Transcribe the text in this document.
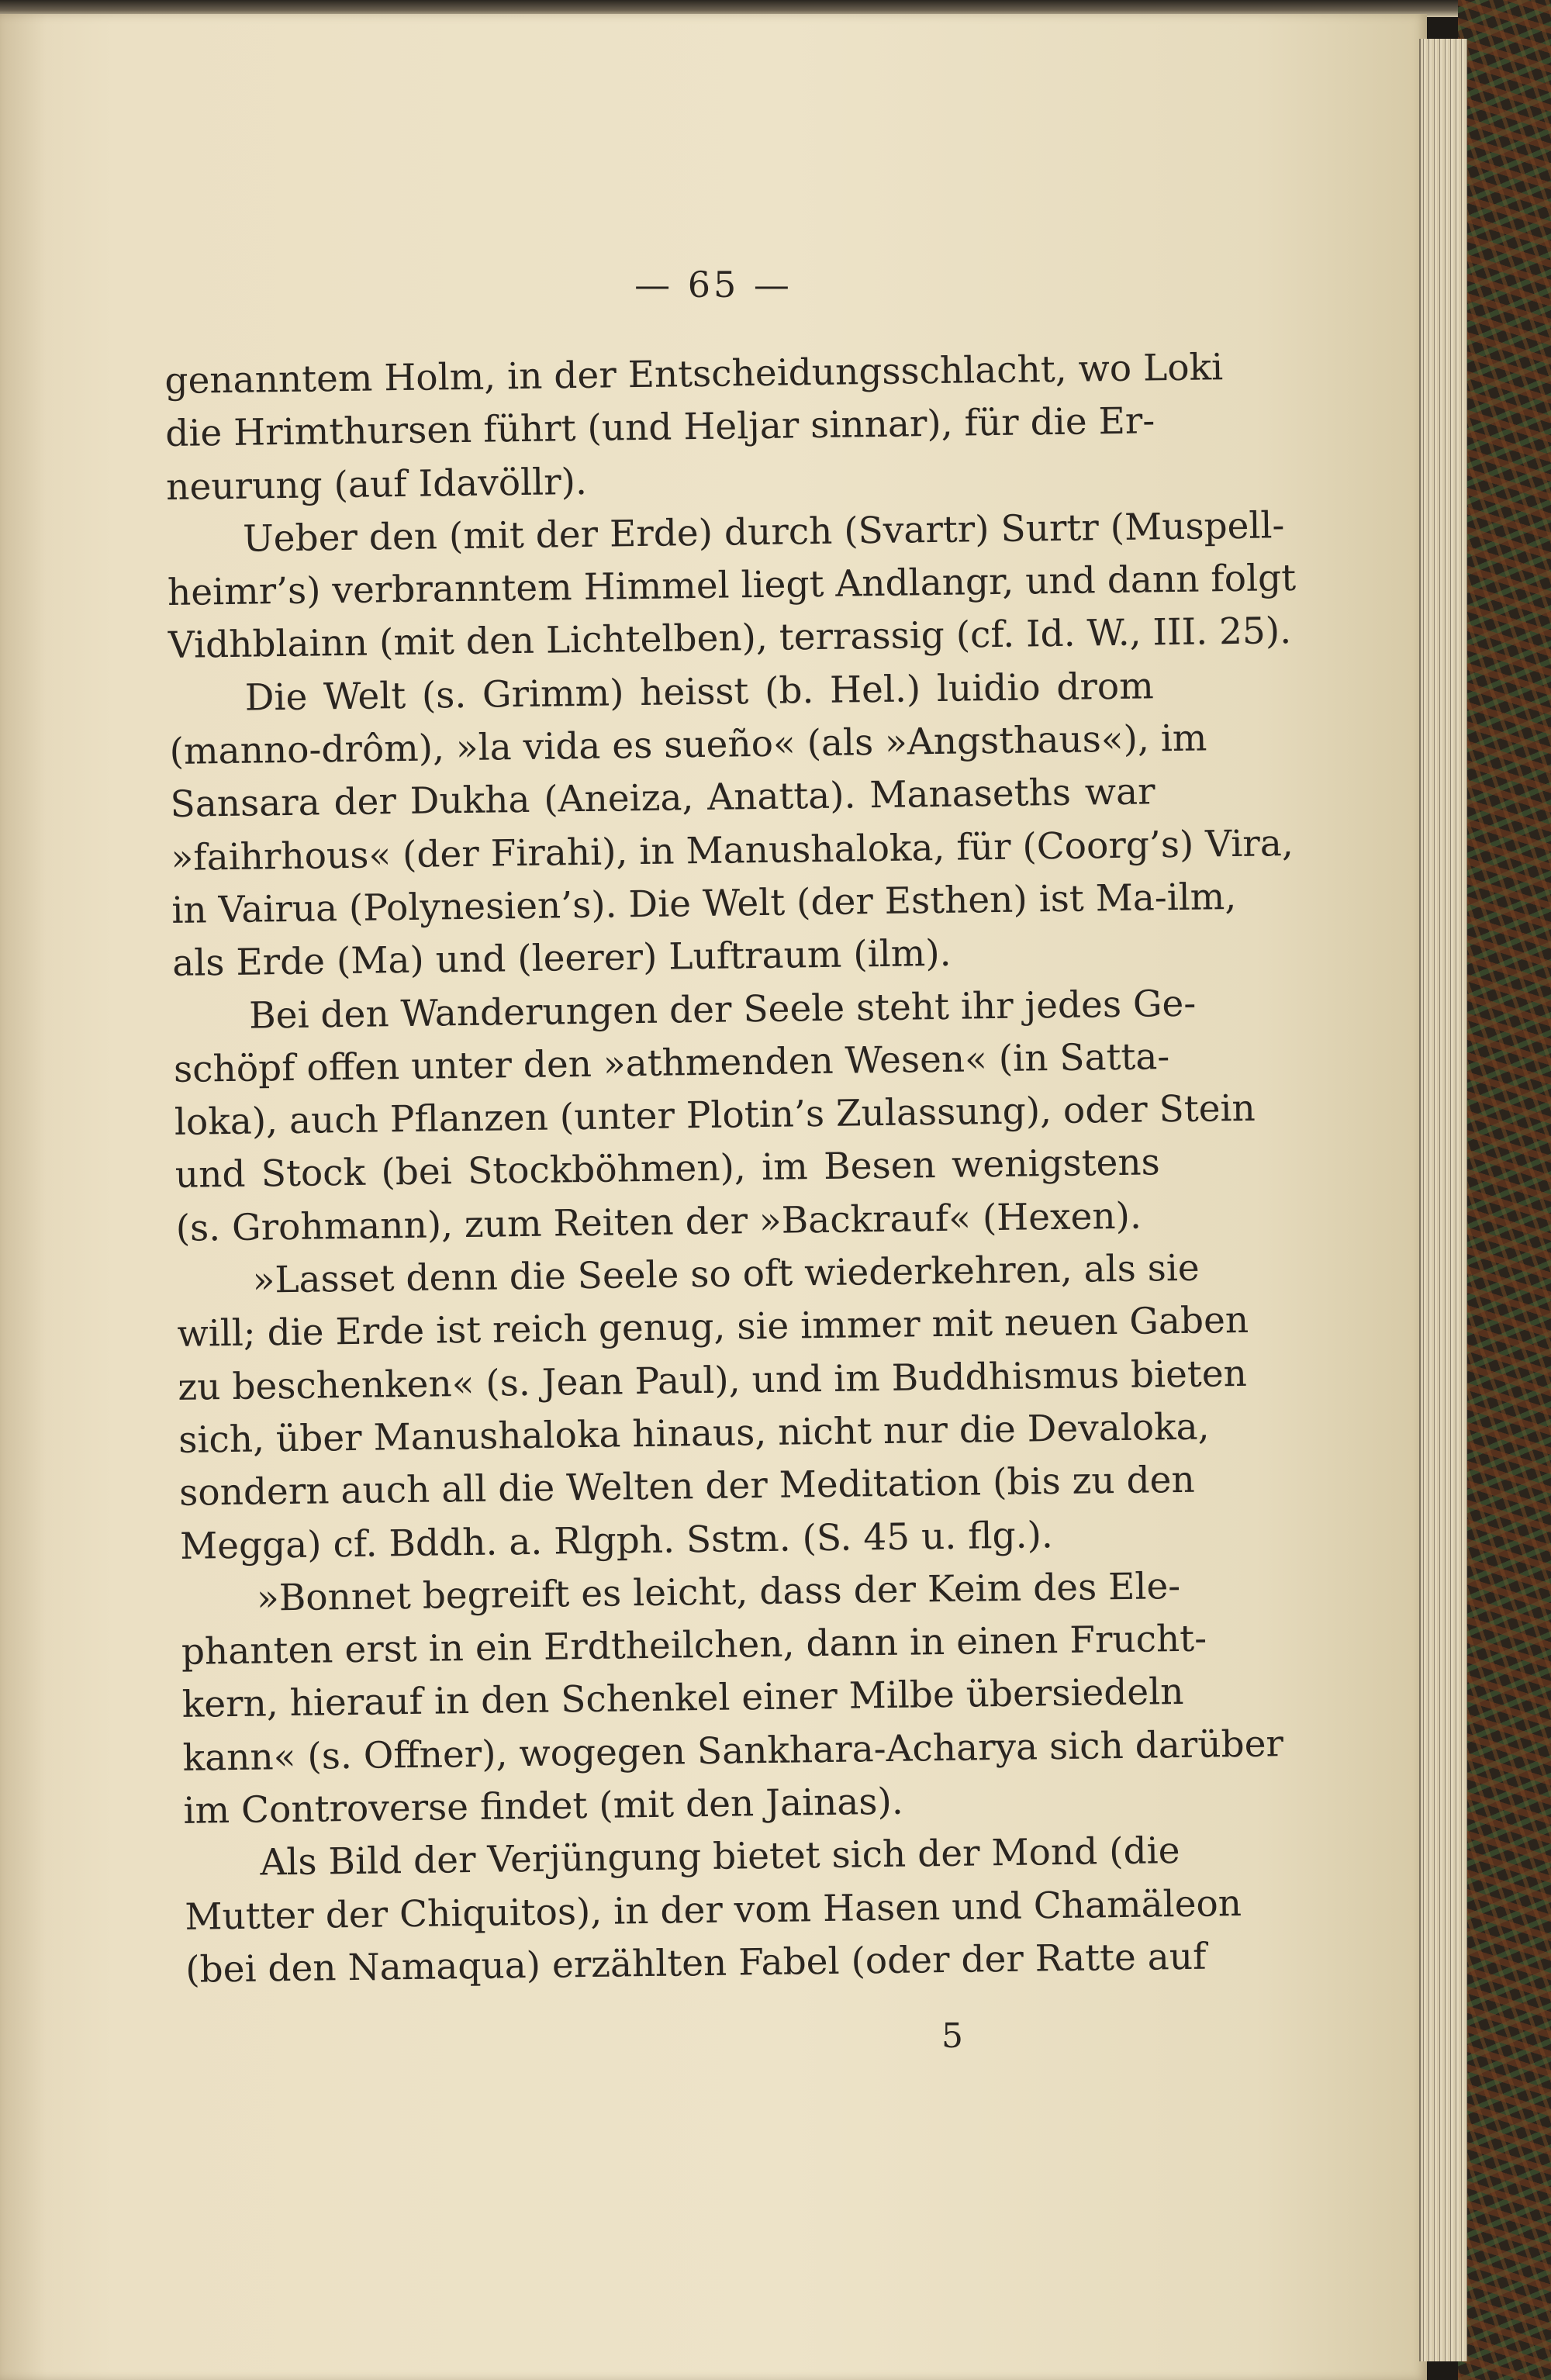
— 65 —
genanntem Holm, in der Entscheidungsschlacht, wo Loki
die Hrimthursen führt (und Heljar sinnar), für die Er-
neurung (auf Idavöllr).
Ueber den (mit der Erde) durch (Svartr) Surtr (Muspell-
heimr’s) verbranntem Himmel liegt Andlangr, und dann folgt
Vidhblainn (mit den Lichtelben), terrassig (cf. Id. W., III. 25).
Die Welt (s. Grimm) heisst (b. Hel.) luidio drom
(manno-drôm), »la vida es sueño« (als »Angsthaus«), im
Sansara der Dukha (Aneiza, Anatta). Manaseths war
»faihrhous« (der Firahi), in Manushaloka, für (Coorg’s) Vira,
in Vairua (Polynesien’s). Die Welt (der Esthen) ist Ma-ilm,
als Erde (Ma) und (leerer) Luftraum (ilm).
Bei den Wanderungen der Seele steht ihr jedes Ge-
schöpf offen unter den »athmenden Wesen« (in Satta-
loka), auch Pflanzen (unter Plotin’s Zulassung), oder Stein
und Stock (bei Stockböhmen), im Besen wenigstens
(s. Grohmann), zum Reiten der »Backrauf« (Hexen).
»Lasset denn die Seele so oft wiederkehren, als sie
will; die Erde ist reich genug, sie immer mit neuen Gaben
zu beschenken« (s. Jean Paul), und im Buddhismus bieten
sich, über Manushaloka hinaus, nicht nur die Devaloka,
sondern auch all die Welten der Meditation (bis zu den
Megga) cf. Bddh. a. Rlgph. Sstm. (S. 45 u. flg.).
»Bonnet begreift es leicht, dass der Keim des Ele-
phanten erst in ein Erdtheilchen, dann in einen Frucht-
kern, hierauf in den Schenkel einer Milbe übersiedeln
kann« (s. Offner), wogegen Sankhara-Acharya sich darüber
im Controverse findet (mit den Jainas).
Als Bild der Verjüngung bietet sich der Mond (die
Mutter der Chiquitos), in der vom Hasen und Chamäleon
(bei den Namaqua) erzählten Fabel (oder der Ratte auf
5
